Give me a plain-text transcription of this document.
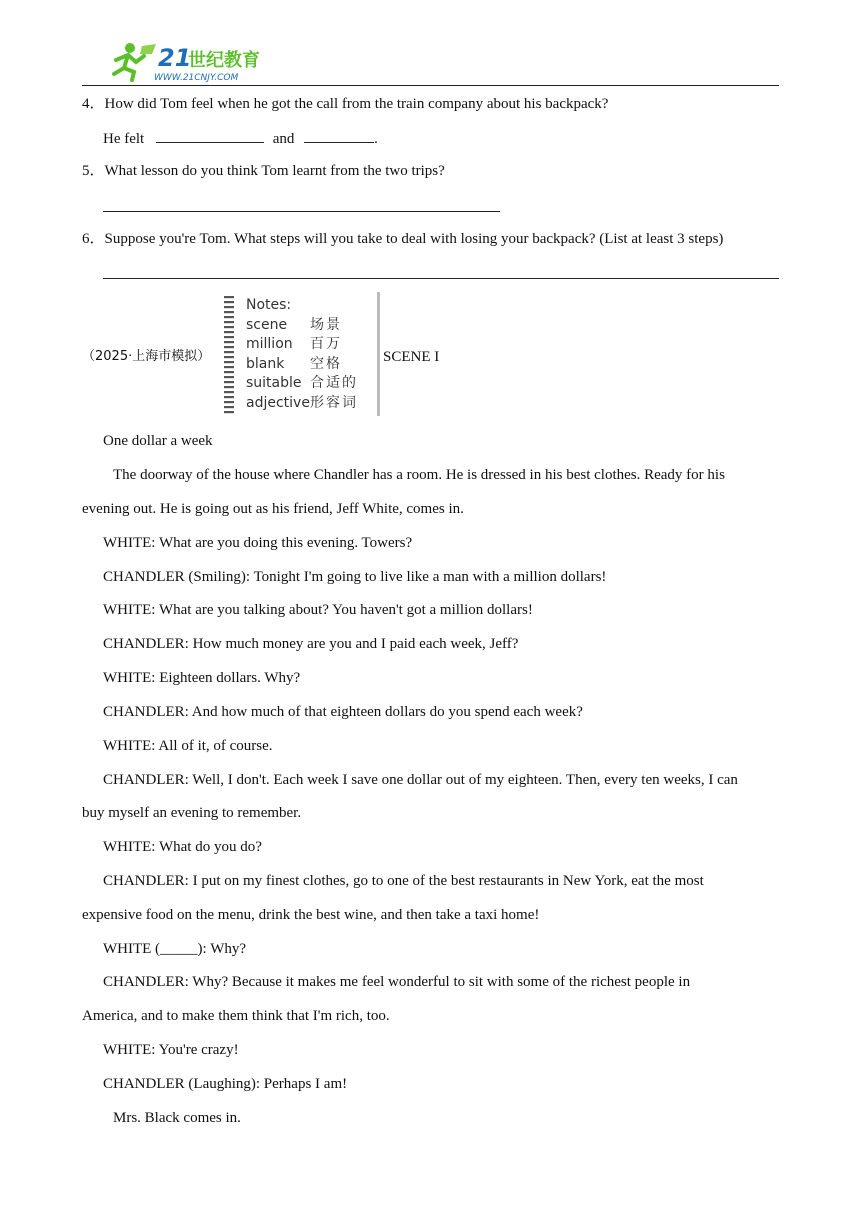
21
世纪教育
WWW.21CNJY.COM
4．How did Tom feel when he got the call from the train company about his backpack?
He felt	and	.
5．What lesson do you think Tom learnt from the two trips?
6．Suppose you're Tom. What steps will you take to deal with losing your backpack? (List at least 3 steps)
（2025·上海市模拟）
Notes:
scene	场景
million	百万
blank	空格
suitable 合适的
adjective 形容词
SCENE I
One dollar a week
The doorway of the house where Chandler has a room. He is dressed in his best clothes. Ready for his
evening out. He is going out as his friend, Jeff White, comes in.
WHITE: What are you doing this evening. Towers?
CHANDLER (Smiling): Tonight I'm going to live like a man with a million dollars!
WHITE: What are you talking about? You haven't got a million dollars!
CHANDLER: How much money are you and I paid each week, Jeff?
WHITE: Eighteen dollars. Why?
CHANDLER: And how much of that eighteen dollars do you spend each week?
WHITE: All of it, of course.
CHANDLER: Well, I don't. Each week I save one dollar out of my eighteen. Then, every ten weeks, I can
buy myself an evening to remember.
WHITE: What do you do?
CHANDLER: I put on my finest clothes, go to one of the best restaurants in New York, eat the most
expensive food on the menu, drink the best wine, and then take a taxi home!
WHITE (_____): Why?
CHANDLER: Why? Because it makes me feel wonderful to sit with some of the richest people in
America, and to make them think that I'm rich, too.
WHITE: You're crazy!
CHANDLER (Laughing): Perhaps I am!
Mrs. Black comes in.
